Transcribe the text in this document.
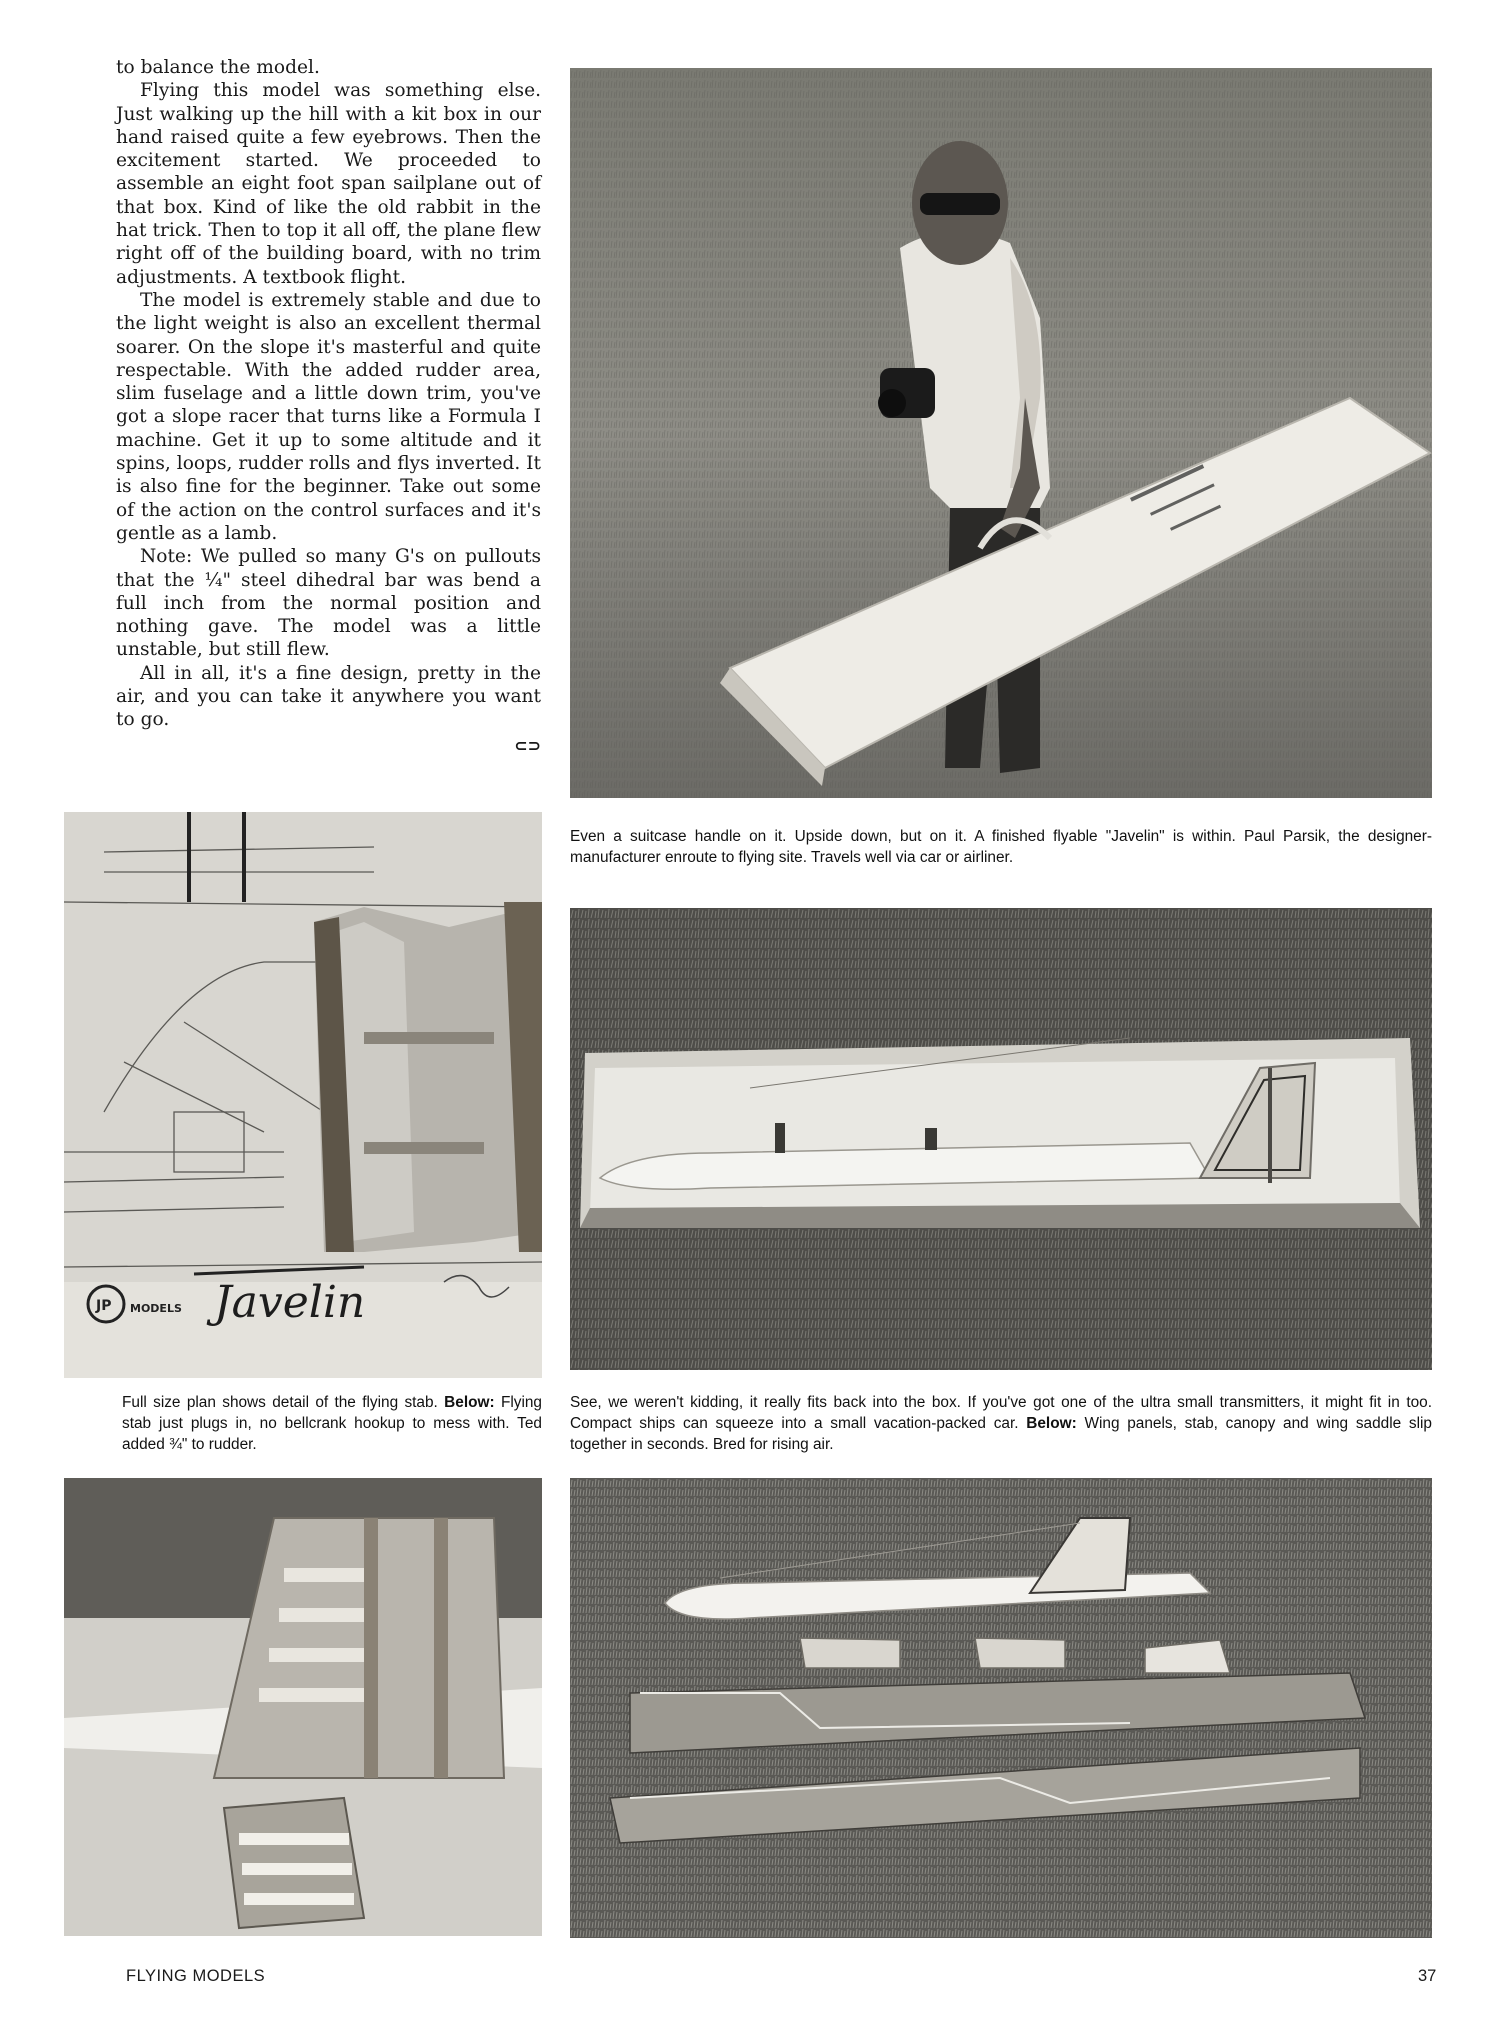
to balance the model.

Flying this model was something else. Just walking up the hill with a kit box in our hand raised quite a few eyebrows. Then the excitement started. We proceeded to assemble an eight foot span sailplane out of that box. Kind of like the old rabbit in the hat trick. Then to top it all off, the plane flew right off of the building board, with no trim adjustments. A textbook flight.

The model is extremely stable and due to the light weight is also an excellent thermal soarer. On the slope it's masterful and quite respectable. With the added rudder area, slim fuselage and a little down trim, you've got a slope racer that turns like a Formula I machine. Get it up to some altitude and it spins, loops, rudder rolls and flys inverted. It is also fine for the beginner. Take out some of the action on the control surfaces and it's gentle as a lamb.

Note: We pulled so many G's on pullouts that the ¼" steel dihedral bar was bend a full inch from the normal position and nothing gave. The model was a little unstable, but still flew.

All in all, it's a fine design, pretty in the air, and you can take it anywhere you want to go.

⊂⊃
Even a suitcase handle on it. Upside down, but on it. A finished flyable "Javelin" is within. Paul Parsik, the designer-manufacturer enroute to flying site. Travels well via car or airliner.
JP MODELS Javelin
Full size plan shows detail of the flying stab. Below: Flying stab just plugs in, no bellcrank hookup to mess with. Ted added ¾" to rudder.
See, we weren't kidding, it really fits back into the box. If you've got one of the ultra small transmitters, it might fit in too. Compact ships can squeeze into a small vacation-packed car. Below: Wing panels, stab, canopy and wing saddle slip together in seconds. Bred for rising air.
FLYING MODELS	37
